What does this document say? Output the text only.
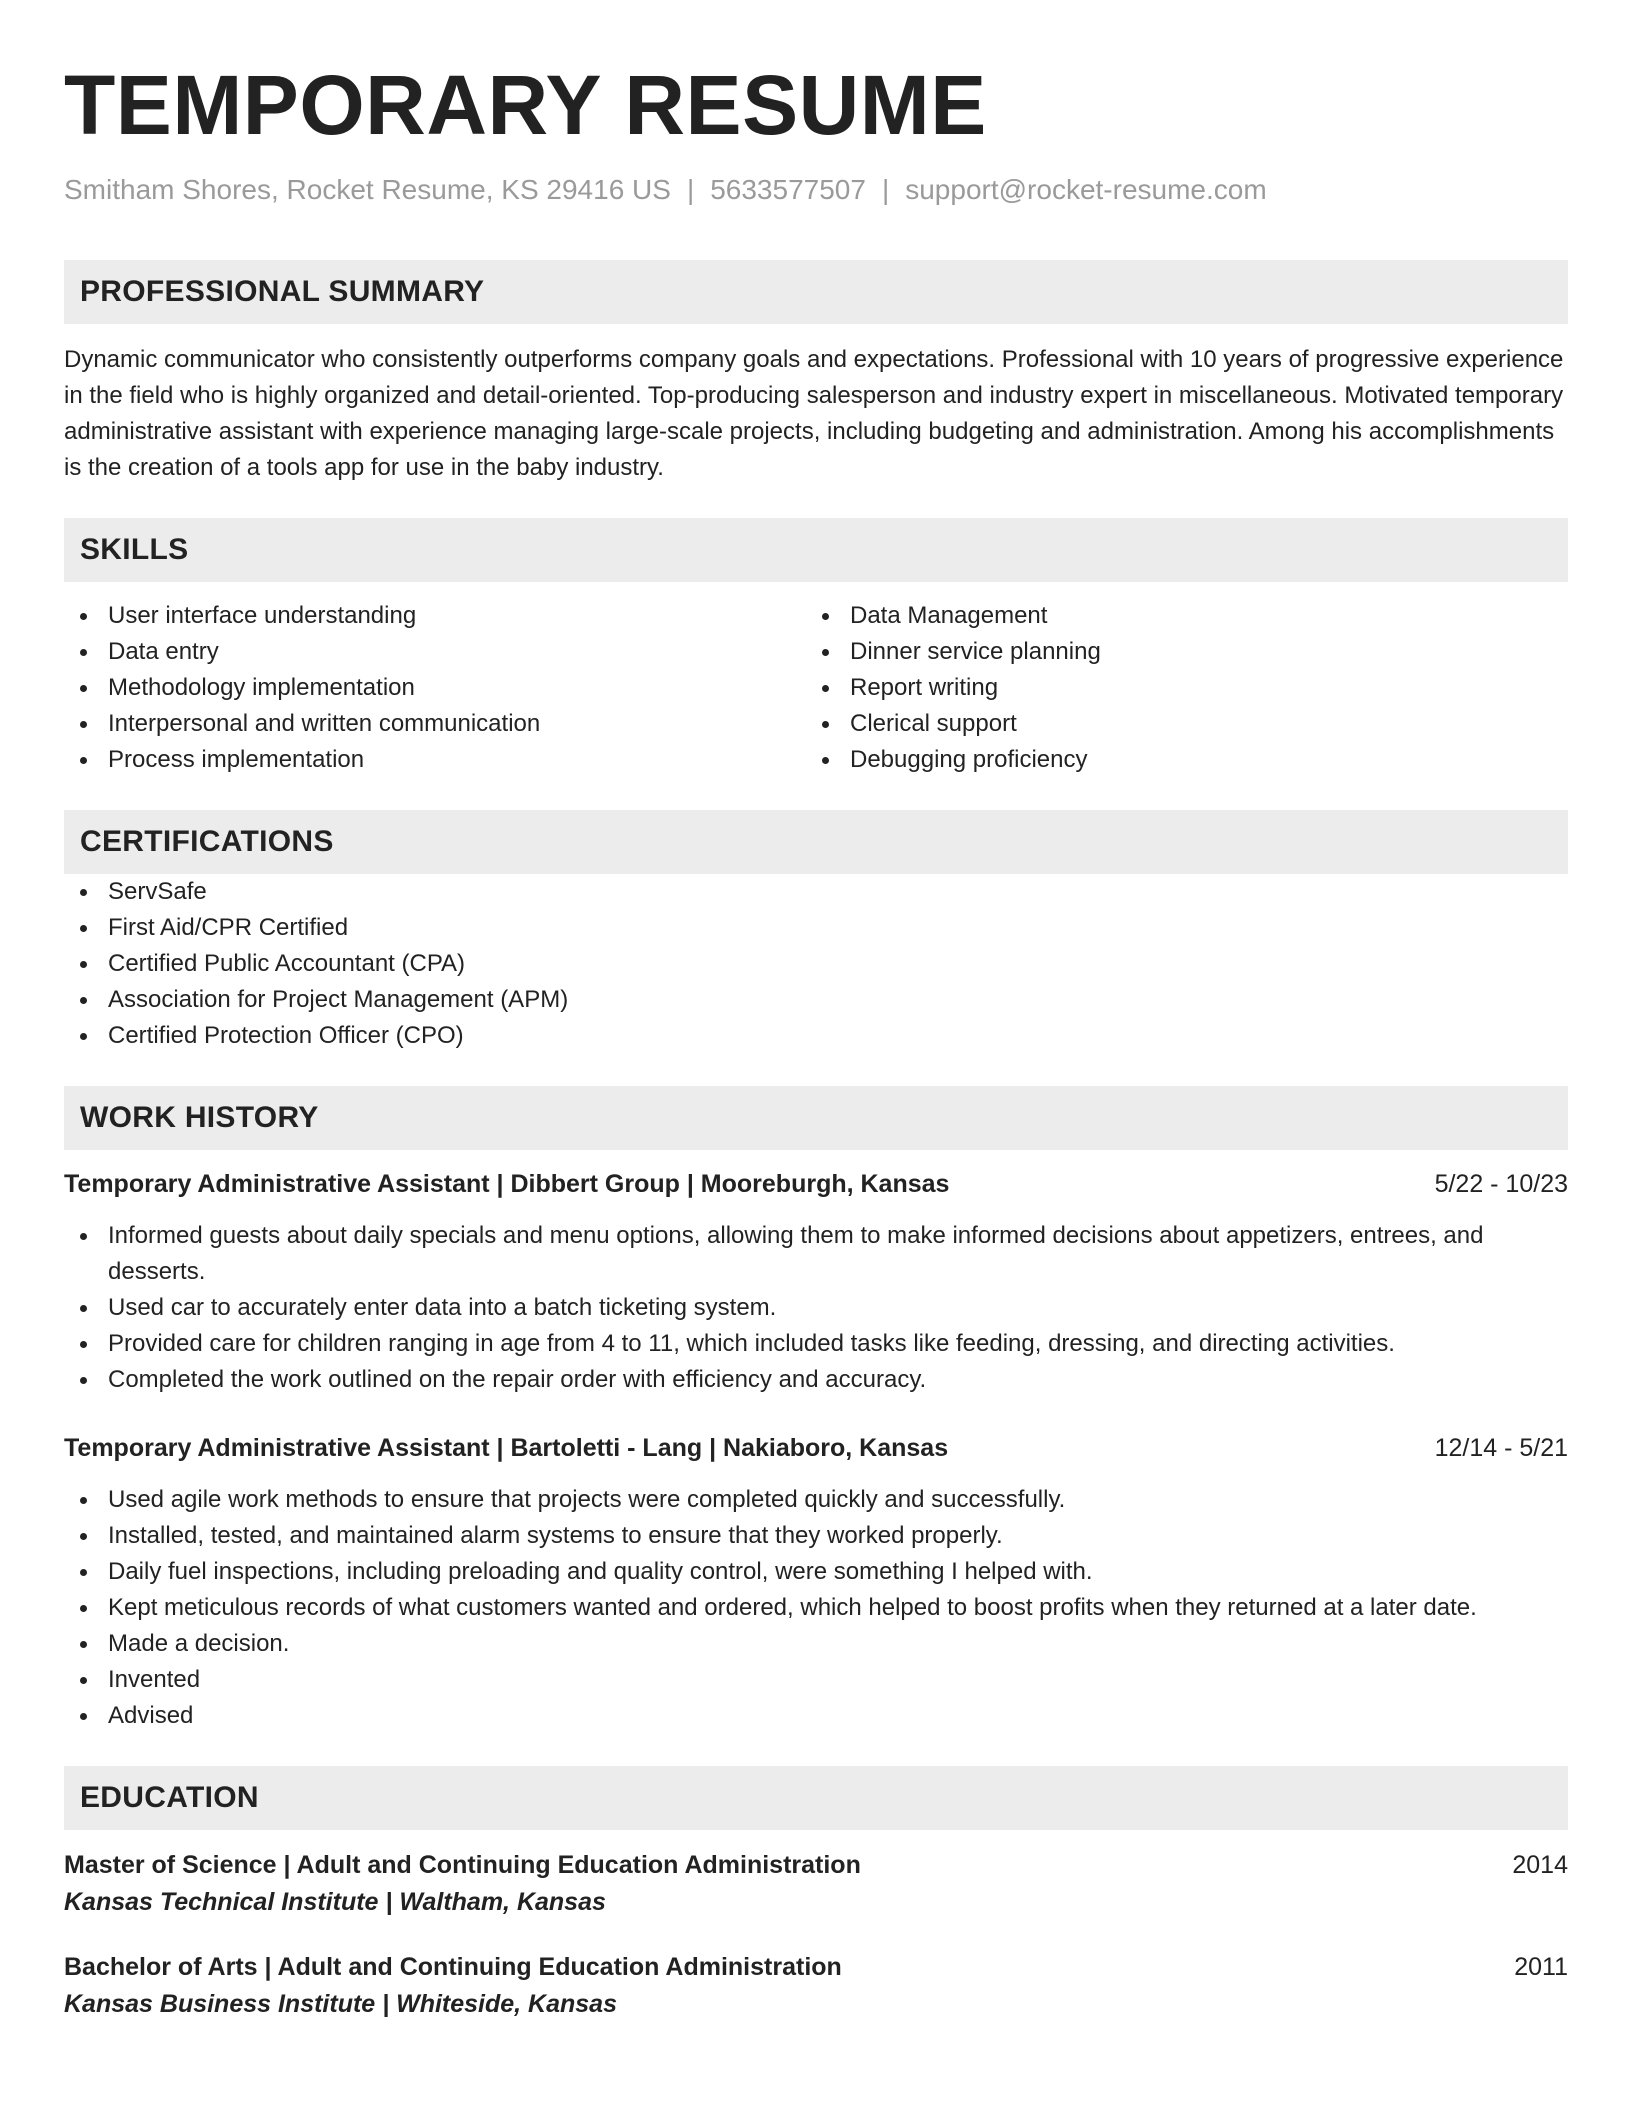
TEMPORARY RESUME
Smitham Shores, Rocket Resume, KS 29416 US | 5633577507 | support@rocket-resume.com
PROFESSIONAL SUMMARY

Dynamic communicator who consistently outperforms company goals and expectations. Professional with 10 years of progressive experience in the field who is highly organized and detail-oriented. Top-producing salesperson and industry expert in miscellaneous. Motivated temporary administrative assistant with experience managing large-scale projects, including budgeting and administration. Among his accomplishments is the creation of a tools app for use in the baby industry.

SKILLS
User interface understanding
Data entry
Methodology implementation
Interpersonal and written communication
Process implementation
Data Management
Dinner service planning
Report writing
Clerical support
Debugging proficiency
CERTIFICATIONS
ServSafe
First Aid/CPR Certified
Certified Public Accountant (CPA)
Association for Project Management (APM)
Certified Protection Officer (CPO)
WORK HISTORY
Temporary Administrative Assistant | Dibbert Group | Mooreburgh, Kansas	5/22 - 10/23
Informed guests about daily specials and menu options, allowing them to make informed decisions about appetizers, entrees, and desserts.
Used car to accurately enter data into a batch ticketing system.
Provided care for children ranging in age from 4 to 11, which included tasks like feeding, dressing, and directing activities.
Completed the work outlined on the repair order with efficiency and accuracy.
Temporary Administrative Assistant | Bartoletti - Lang | Nakiaboro, Kansas	12/14 - 5/21
Used agile work methods to ensure that projects were completed quickly and successfully.
Installed, tested, and maintained alarm systems to ensure that they worked properly.
Daily fuel inspections, including preloading and quality control, were something I helped with.
Kept meticulous records of what customers wanted and ordered, which helped to boost profits when they returned at a later date.
Made a decision.
Invented
Advised
EDUCATION
Master of Science | Adult and Continuing Education Administration	2014
Kansas Technical Institute | Waltham, Kansas
Bachelor of Arts | Adult and Continuing Education Administration	2011
Kansas Business Institute | Whiteside, Kansas
